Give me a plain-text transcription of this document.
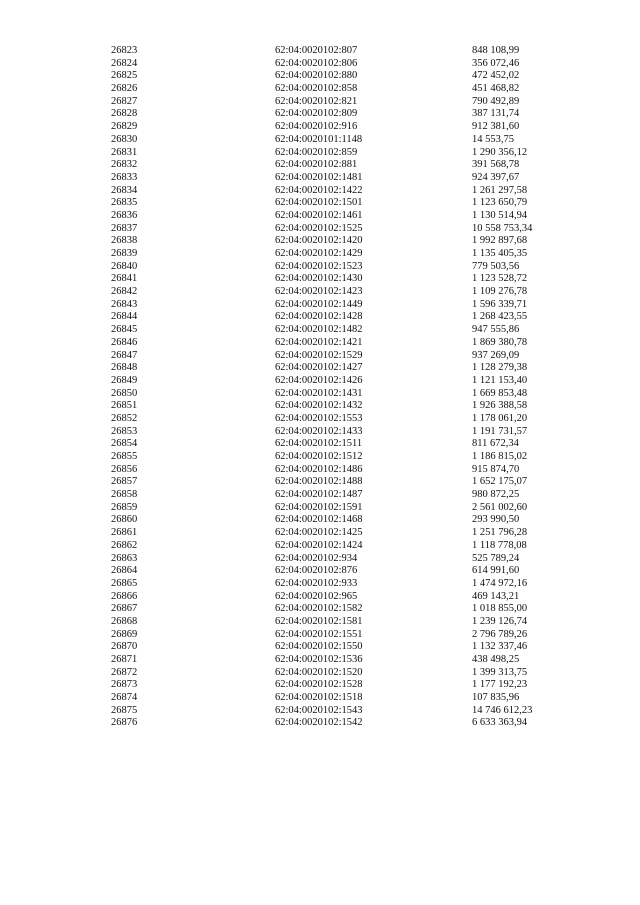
26823	62:04:0020102:807	848 108,99
26824	62:04:0020102:806	356 072,46
26825	62:04:0020102:880	472 452,02
26826	62:04:0020102:858	451 468,82
26827	62:04:0020102:821	790 492,89
26828	62:04:0020102:809	387 131,74
26829	62:04:0020102:916	912 381,60
26830	62:04:0020101:1148	14 553,75
26831	62:04:0020102:859	1 290 356,12
26832	62:04:0020102:881	391 568,78
26833	62:04:0020102:1481	924 397,67
26834	62:04:0020102:1422	1 261 297,58
26835	62:04:0020102:1501	1 123 650,79
26836	62:04:0020102:1461	1 130 514,94
26837	62:04:0020102:1525	10 558 753,34
26838	62:04:0020102:1420	1 992 897,68
26839	62:04:0020102:1429	1 135 405,35
26840	62:04:0020102:1523	779 503,56
26841	62:04:0020102:1430	1 123 528,72
26842	62:04:0020102:1423	1 109 276,78
26843	62:04:0020102:1449	1 596 339,71
26844	62:04:0020102:1428	1 268 423,55
26845	62:04:0020102:1482	947 555,86
26846	62:04:0020102:1421	1 869 380,78
26847	62:04:0020102:1529	937 269,09
26848	62:04:0020102:1427	1 128 279,38
26849	62:04:0020102:1426	1 121 153,40
26850	62:04:0020102:1431	1 669 853,48
26851	62:04:0020102:1432	1 926 388,58
26852	62:04:0020102:1553	1 178 061,20
26853	62:04:0020102:1433	1 191 731,57
26854	62:04:0020102:1511	811 672,34
26855	62:04:0020102:1512	1 186 815,02
26856	62:04:0020102:1486	915 874,70
26857	62:04:0020102:1488	1 652 175,07
26858	62:04:0020102:1487	980 872,25
26859	62:04:0020102:1591	2 561 002,60
26860	62:04:0020102:1468	293 990,50
26861	62:04:0020102:1425	1 251 796,28
26862	62:04:0020102:1424	1 118 778,08
26863	62:04:0020102:934	525 789,24
26864	62:04:0020102:876	614 991,60
26865	62:04:0020102:933	1 474 972,16
26866	62:04:0020102:965	469 143,21
26867	62:04:0020102:1582	1 018 855,00
26868	62:04:0020102:1581	1 239 126,74
26869	62:04:0020102:1551	2 796 789,26
26870	62:04:0020102:1550	1 132 337,46
26871	62:04:0020102:1536	438 498,25
26872	62:04:0020102:1520	1 399 313,75
26873	62:04:0020102:1528	1 177 192,23
26874	62:04:0020102:1518	107 835,96
26875	62:04:0020102:1543	14 746 612,23
26876	62:04:0020102:1542	6 633 363,94
